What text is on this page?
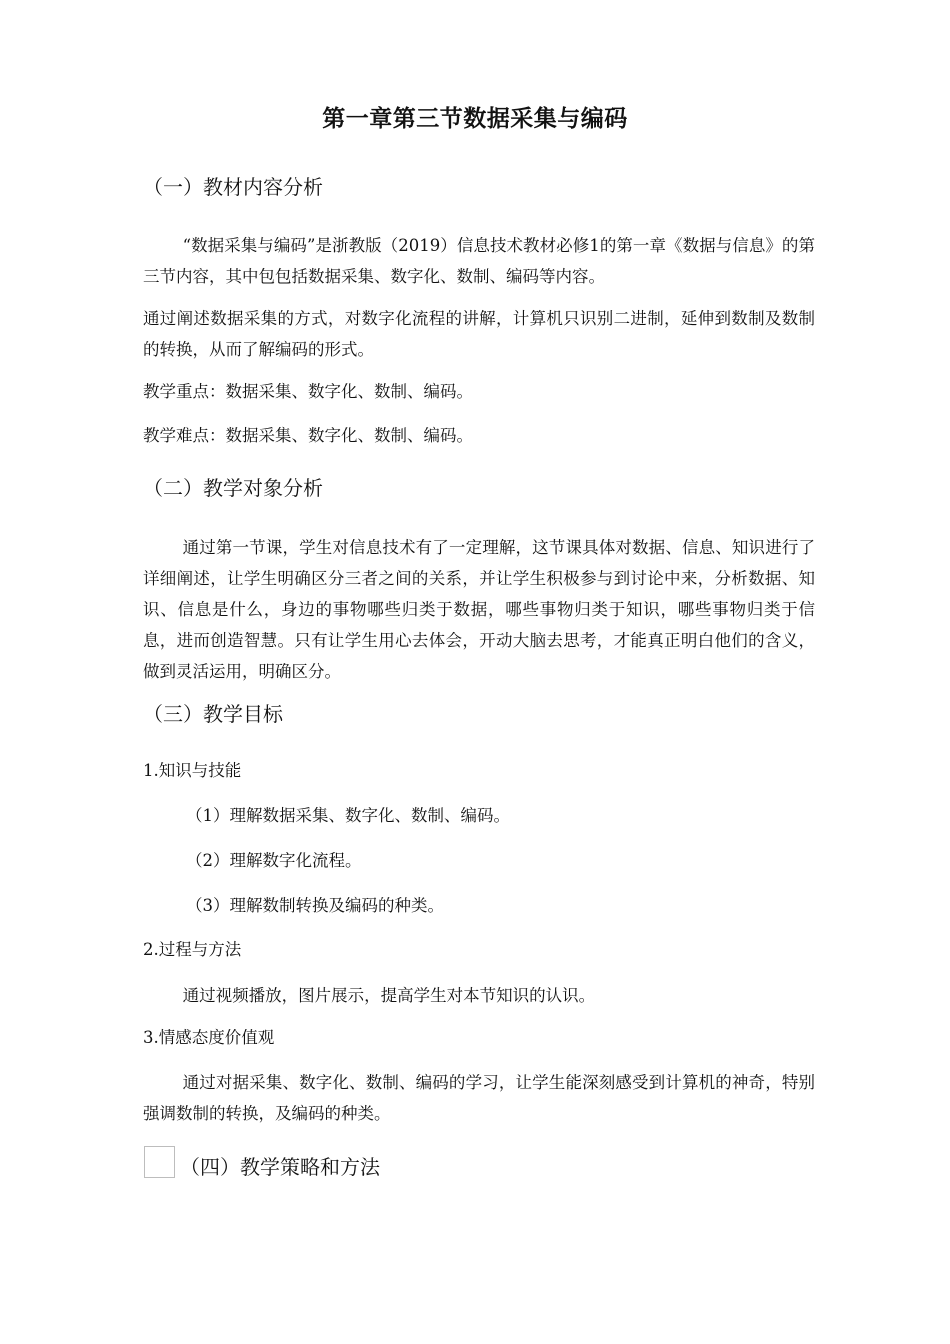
第一章第三节数据采集与编码
（一）教材内容分析
“数据采集与编码”是浙教版（2019）信息技术教材必修1的第一章《数据与信息》的第三节内容，其中包包括数据采集、数字化、数制、编码等内容。
通过阐述数据采集的方式，对数字化流程的讲解，计算机只识别二进制，延伸到数制及数制的转换，从而了解编码的形式。
教学重点：数据采集、数字化、数制、编码。
教学难点：数据采集、数字化、数制、编码。
（二）教学对象分析
通过第一节课，学生对信息技术有了一定理解，这节课具体对数据、信息、知识进行了详细阐述，让学生明确区分三者之间的关系，并让学生积极参与到讨论中来，分析数据、知识、信息是什么，身边的事物哪些归类于数据，哪些事物归类于知识，哪些事物归类于信息，进而创造智慧。只有让学生用心去体会，开动大脑去思考，才能真正明白他们的含义，做到灵活运用，明确区分。
（三）教学目标
1.知识与技能
（1）理解数据采集、数字化、数制、编码。
（2）理解数字化流程。
（3）理解数制转换及编码的种类。
2.过程与方法
通过视频播放，图片展示，提高学生对本节知识的认识。
3.情感态度价值观
通过对据采集、数字化、数制、编码的学习，让学生能深刻感受到计算机的神奇，特别强调数制的转换，及编码的种类。
（四）教学策略和方法
